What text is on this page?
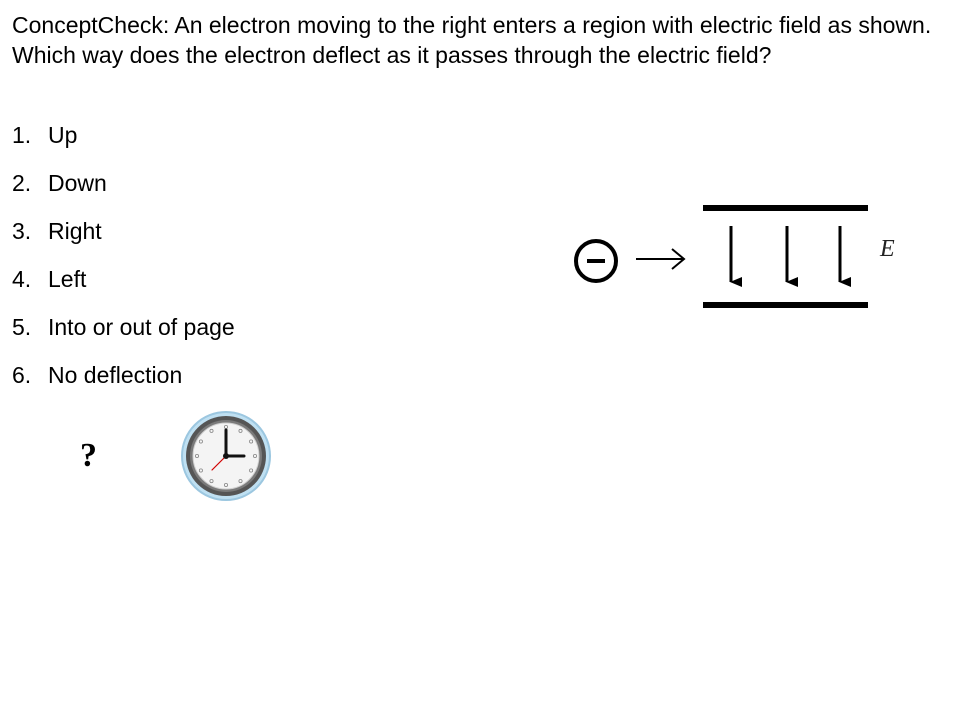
ConceptCheck: An electron moving to the right enters a region with electric field as shown. Which way does the electron deflect as it passes through the electric field?

1. Up
2. Down
3. Right
4. Left
5. Into or out of page
6. No deflection
?
E
